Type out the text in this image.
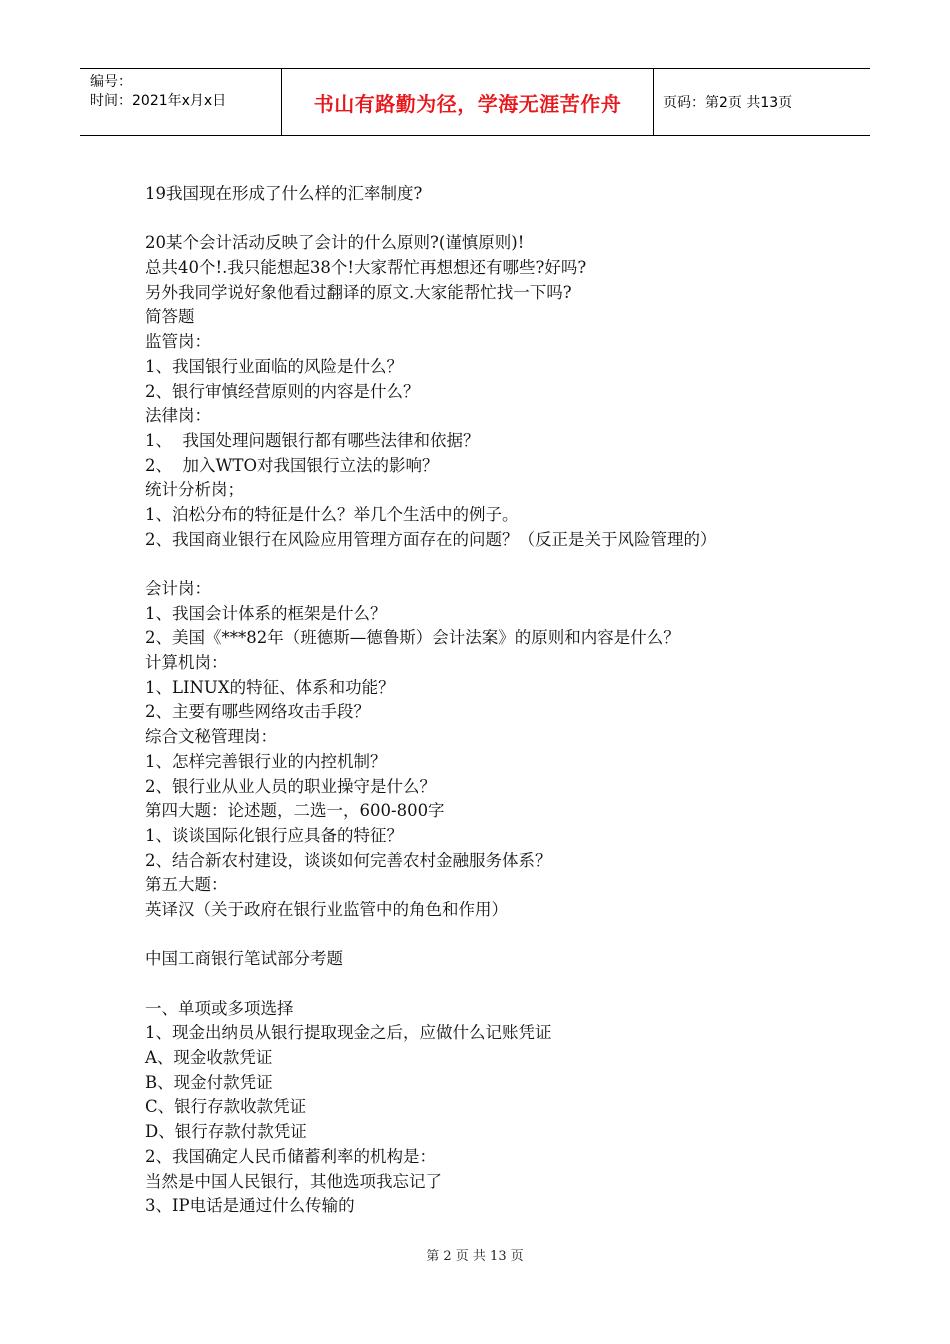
编号：
时间：2021年x月x日	书山有路勤为径，学海无涯苦作舟	页码：第2页 共13页
19我国现在形成了什么样的汇率制度?
20某个会计活动反映了会计的什么原则?(谨慎原则)!
总共40个!.我只能想起38个!大家帮忙再想想还有哪些?好吗?
另外我同学说好象他看过翻译的原文.大家能帮忙找一下吗?
简答题
监管岗：
1、我国银行业面临的风险是什么？
2、银行审慎经营原则的内容是什么？
法律岗：
1、  我国处理问题银行都有哪些法律和依据？
2、  加入WTO对我国银行立法的影响？
统计分析岗；
1、泊松分布的特征是什么？举几个生活中的例子。
2、我国商业银行在风险应用管理方面存在的问题？（反正是关于风险管理的）
会计岗：
1、我国会计体系的框架是什么？
2、美国《***82年（班德斯—德鲁斯）会计法案》的原则和内容是什么？
计算机岗：
1、LINUX的特征、体系和功能？
2、主要有哪些网络攻击手段？
综合文秘管理岗：
1、怎样完善银行业的内控机制？
2、银行业从业人员的职业操守是什么？
第四大题：论述题，二选一，600-800字
1、谈谈国际化银行应具备的特征？
2、结合新农村建设，谈谈如何完善农村金融服务体系？
第五大题：
英译汉（关于政府在银行业监管中的角色和作用）
中国工商银行笔试部分考题
一、单项或多项选择
1、现金出纳员从银行提取现金之后，应做什么记账凭证
A、现金收款凭证
B、现金付款凭证
C、银行存款收款凭证
D、银行存款付款凭证
2、我国确定人民币储蓄利率的机构是：
当然是中国人民银行，其他选项我忘记了
3、IP电话是通过什么传输的
第 2 页 共 13 页
